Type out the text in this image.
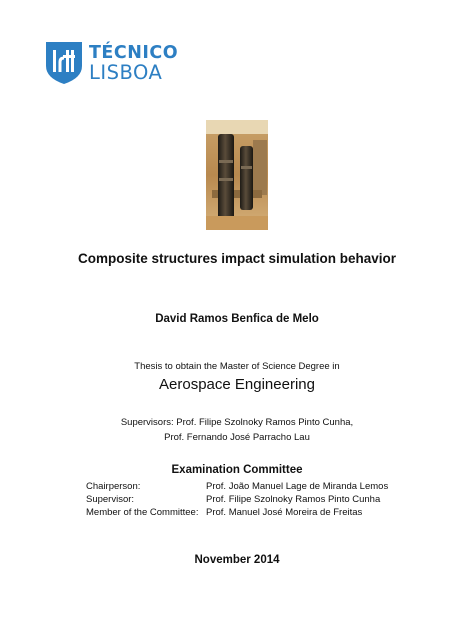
TÉCNICO
LISBOA
Composite structures impact simulation behavior
David Ramos Benfica de Melo
Thesis to obtain the Master of Science Degree in
Aerospace Engineering
Supervisors: Prof. Filipe Szolnoky Ramos Pinto Cunha,
Prof. Fernando José Parracho Lau
Examination Committee
Chairperson:	Prof. João Manuel Lage de Miranda Lemos
Supervisor:	Prof. Filipe Szolnoky Ramos Pinto Cunha
Member of the Committee: Prof. Manuel José Moreira de Freitas
November 2014
